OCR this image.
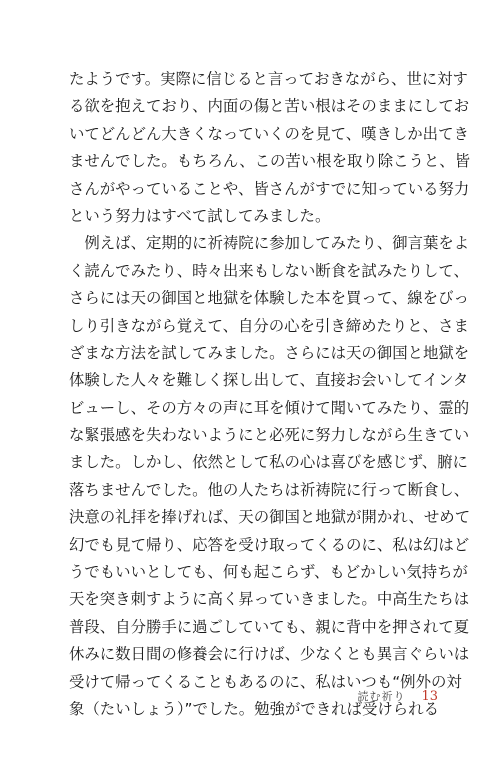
たようです。実際に信じると言っておきながら、世に対す
る欲を抱えており、内面の傷と苦い根はそのままにしてお
いてどんどん大きくなっていくのを見て、嘆きしか出てき
ませんでした。もちろん、この苦い根を取り除こうと、皆
さんがやっていることや、皆さんがすでに知っている努力
という努力はすべて試してみました。
　例えば、定期的に祈祷院に参加してみたり、御言葉をよ
く読んでみたり、時々出来もしない断食を試みたりして、
さらには天の御国と地獄を体験した本を買って、線をびっ
しり引きながら覚えて、自分の心を引き締めたりと、さま
ざまな方法を試してみました。さらには天の御国と地獄を
体験した人々を難しく探し出して、直接お会いしてインタ
ビューし、その方々の声に耳を傾けて聞いてみたり、霊的
な緊張感を失わないようにと必死に努力しながら生きてい
ました。しかし、依然として私の心は喜びを感じず、腑に
落ちませんでした。他の人たちは祈祷院に行って断食し、
決意の礼拝を捧げれば、天の御国と地獄が開かれ、せめて
幻でも見て帰り、応答を受け取ってくるのに、私は幻はど
うでもいいとしても、何も起こらず、もどかしい気持ちが
天を突き刺すように高く昇っていきました。中高生たちは
普段、自分勝手に過ごしていても、親に背中を押されて夏
休みに数日間の修養会に行けば、少なくとも異言ぐらいは
受けて帰ってくることもあるのに、私はいつも“例外の対
象（たいしょう）”でした。勉強ができれば受けられる
読む祈り 13
